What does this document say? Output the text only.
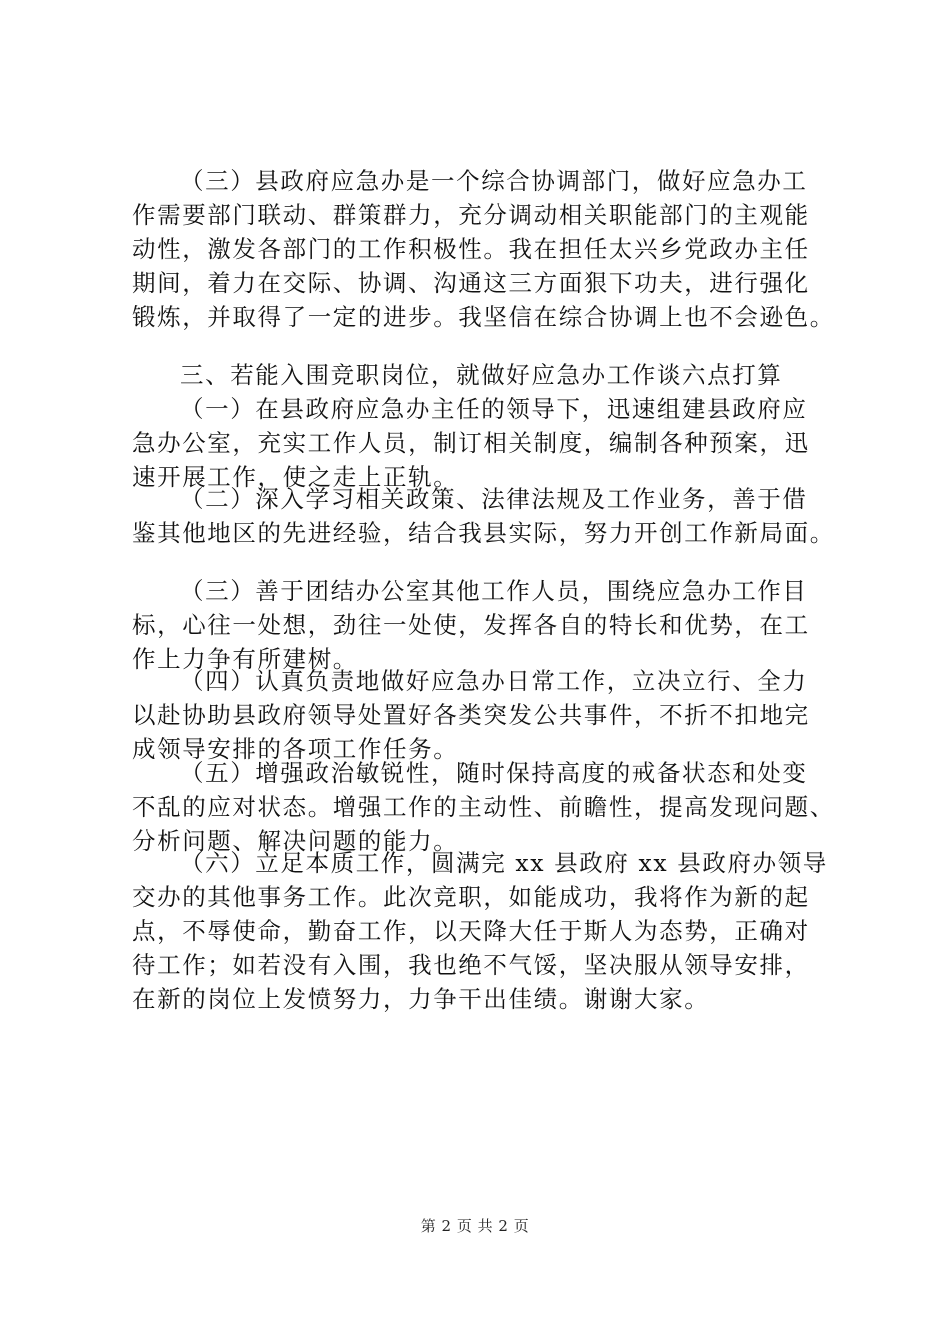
（三）县政府应急办是一个综合协调部门，做好应急办工
作需要部门联动、群策群力，充分调动相关职能部门的主观能
动性，激发各部门的工作积极性。我在担任太兴乡党政办主任
期间，着力在交际、协调、沟通这三方面狠下功夫，进行强化
锻炼，并取得了一定的进步。我坚信在综合协调上也不会逊色。
三、若能入围竞职岗位，就做好应急办工作谈六点打算
（一）在县政府应急办主任的领导下，迅速组建县政府应
急办公室，充实工作人员，制订相关制度，编制各种预案，迅
速开展工作，使之走上正轨。
（二）深入学习相关政策、法律法规及工作业务，善于借
鉴其他地区的先进经验，结合我县实际，努力开创工作新局面。
（三）善于团结办公室其他工作人员，围绕应急办工作目
标，心往一处想，劲往一处使，发挥各自的特长和优势，在工
作上力争有所建树。
（四）认真负责地做好应急办日常工作，立决立行、全力
以赴协助县政府领导处置好各类突发公共事件，不折不扣地完
成领导安排的各项工作任务。
（五）增强政治敏锐性，随时保持高度的戒备状态和处变
不乱的应对状态。增强工作的主动性、前瞻性，提高发现问题、
分析问题、解决问题的能力。
（六）立足本质工作，圆满完 xx 县政府 xx 县政府办领导
交办的其他事务工作。此次竞职，如能成功，我将作为新的起
点，不辱使命，勤奋工作，以天降大任于斯人为态势，正确对
待工作；如若没有入围，我也绝不气馁，坚决服从领导安排，
在新的岗位上发愤努力，力争干出佳绩。谢谢大家。
第 2 页 共 2 页
